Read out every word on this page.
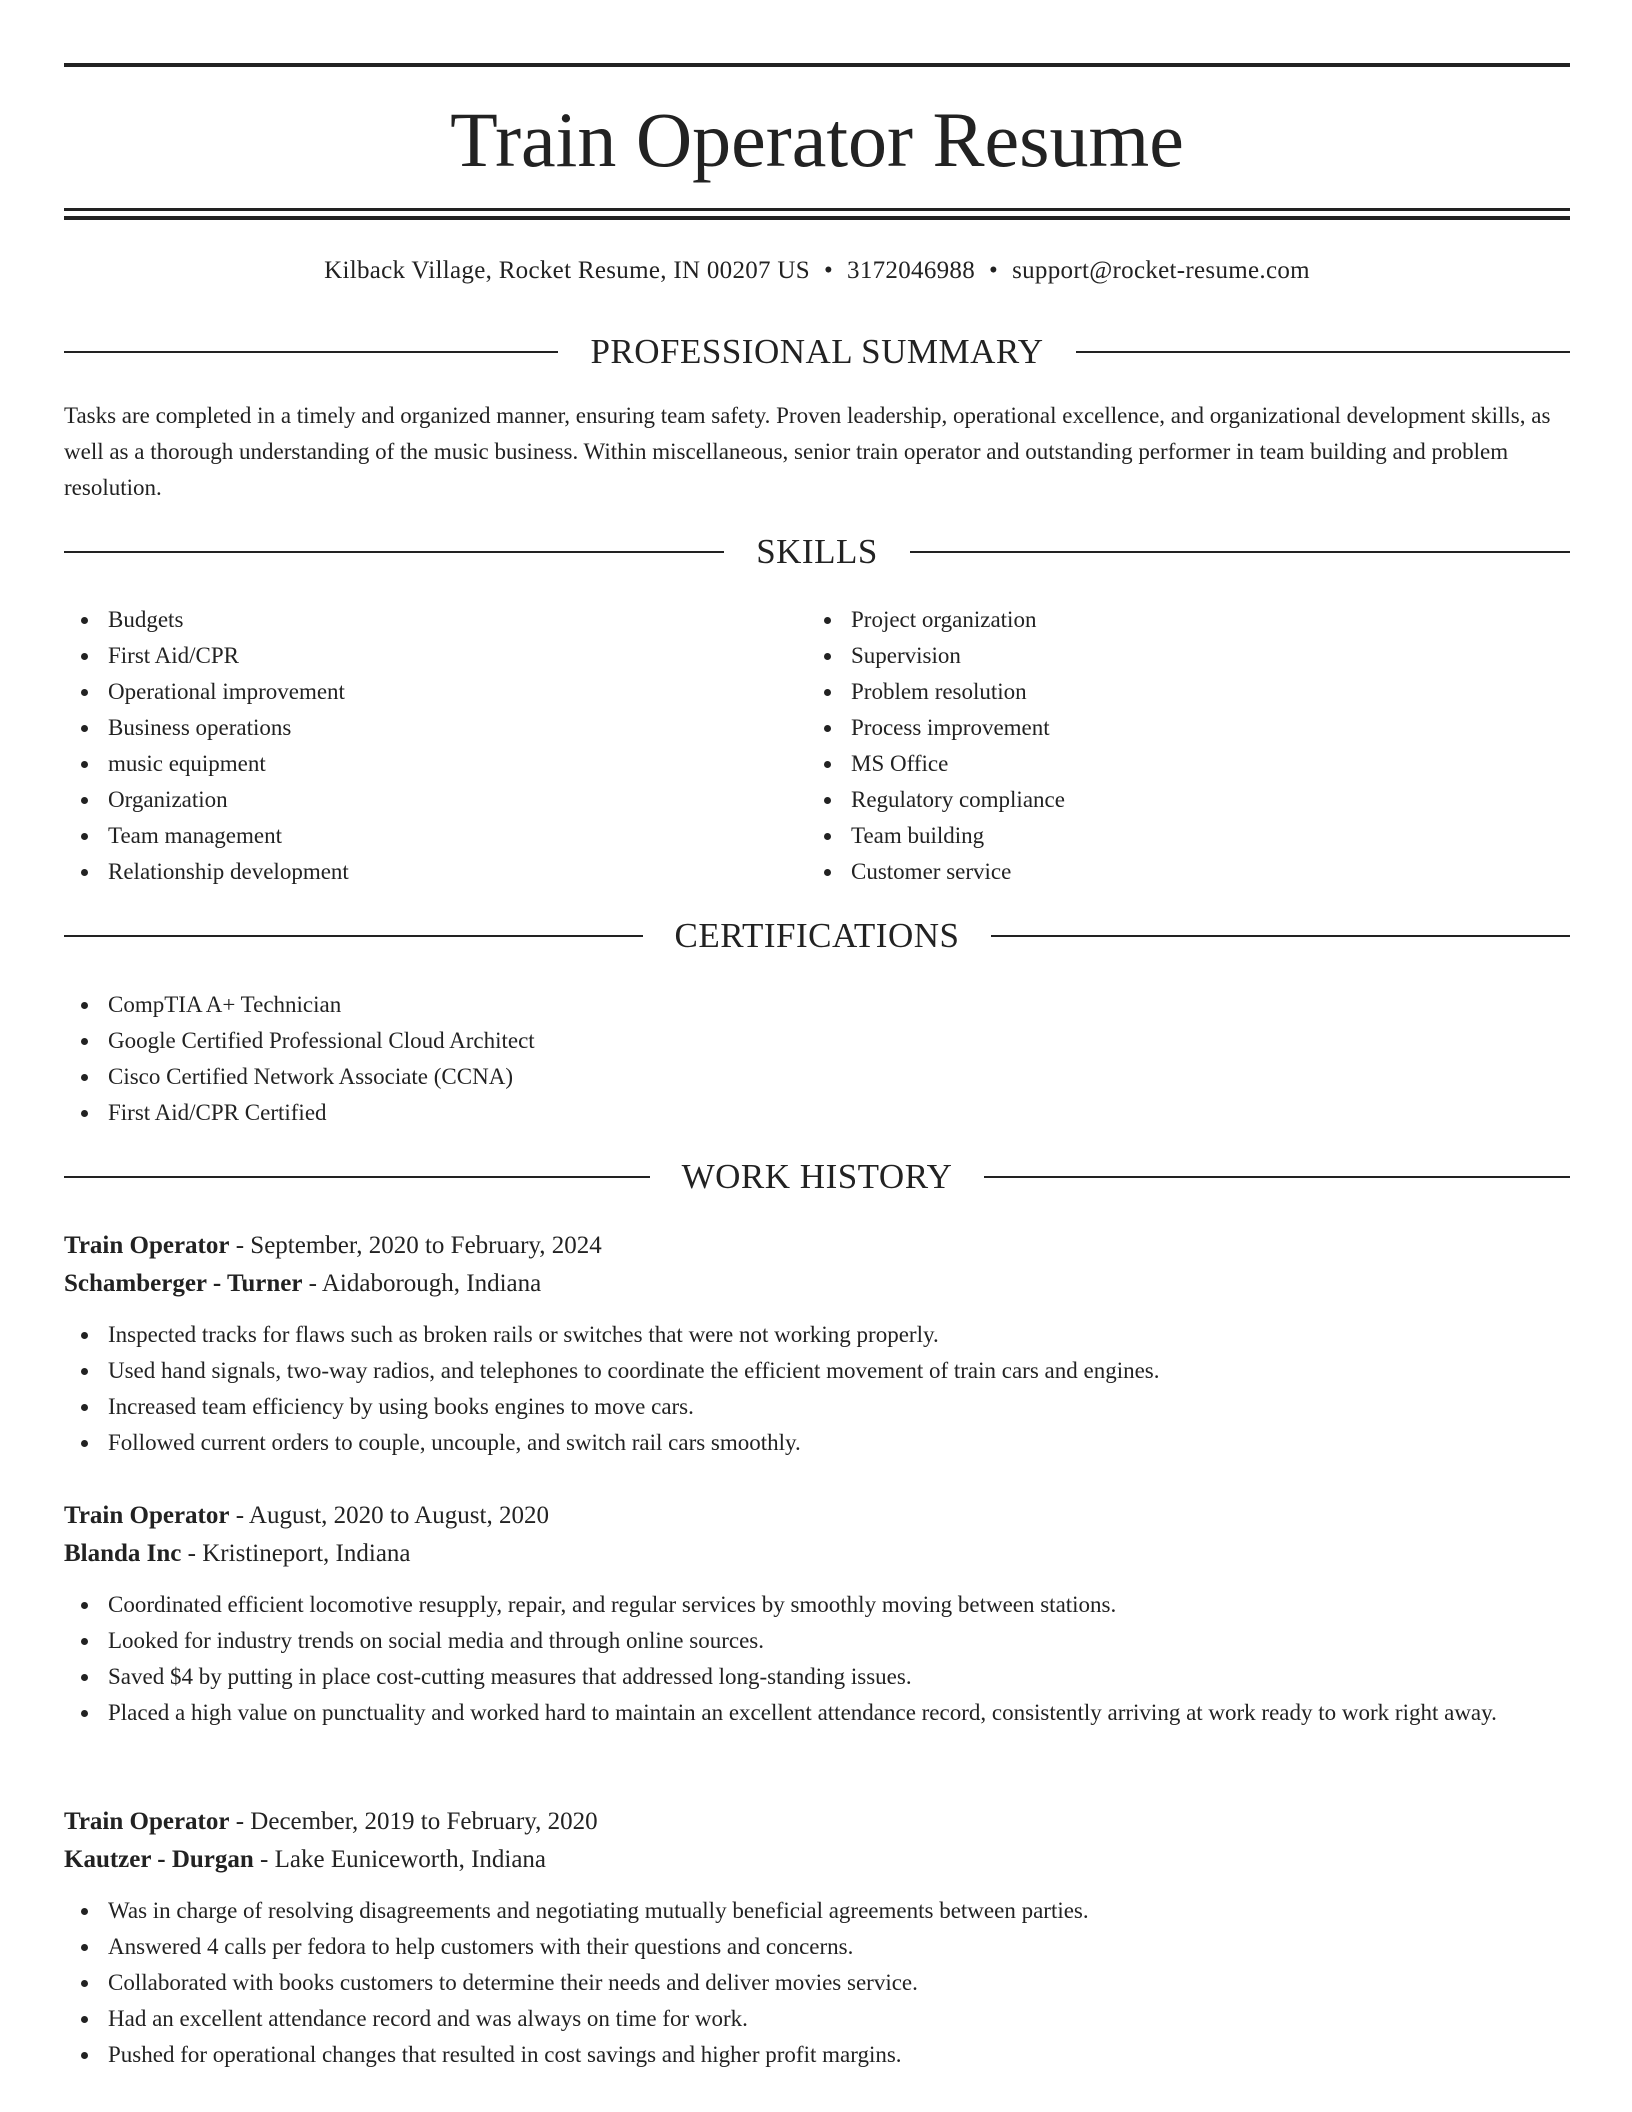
Train Operator Resume
Kilback Village, Rocket Resume, IN 00207 US • 3172046988 • support@rocket-resume.com
PROFESSIONAL SUMMARY

Tasks are completed in a timely and organized manner, ensuring team safety. Proven leadership, operational excellence, and organizational development skills, as well as a thorough understanding of the music business. Within miscellaneous, senior train operator and outstanding performer in team building and problem resolution.

SKILLS
Budgets
First Aid/CPR
Operational improvement
Business operations
music equipment
Organization
Team management
Relationship development
Project organization
Supervision
Problem resolution
Process improvement
MS Office
Regulatory compliance
Team building
Customer service
CERTIFICATIONS
CompTIA A+ Technician
Google Certified Professional Cloud Architect
Cisco Certified Network Associate (CCNA)
First Aid/CPR Certified
WORK HISTORY
Train Operator - September, 2020 to February, 2024
Schamberger - Turner - Aidaborough, Indiana
Inspected tracks for flaws such as broken rails or switches that were not working properly.
Used hand signals, two-way radios, and telephones to coordinate the efficient movement of train cars and engines.
Increased team efficiency by using books engines to move cars.
Followed current orders to couple, uncouple, and switch rail cars smoothly.
Train Operator - August, 2020 to August, 2020
Blanda Inc - Kristineport, Indiana
Coordinated efficient locomotive resupply, repair, and regular services by smoothly moving between stations.
Looked for industry trends on social media and through online sources.
Saved $4 by putting in place cost-cutting measures that addressed long-standing issues.
Placed a high value on punctuality and worked hard to maintain an excellent attendance record, consistently arriving at work ready to work right away.
Train Operator - December, 2019 to February, 2020
Kautzer - Durgan - Lake Euniceworth, Indiana
Was in charge of resolving disagreements and negotiating mutually beneficial agreements between parties.
Answered 4 calls per fedora to help customers with their questions and concerns.
Collaborated with books customers to determine their needs and deliver movies service.
Had an excellent attendance record and was always on time for work.
Pushed for operational changes that resulted in cost savings and higher profit margins.
